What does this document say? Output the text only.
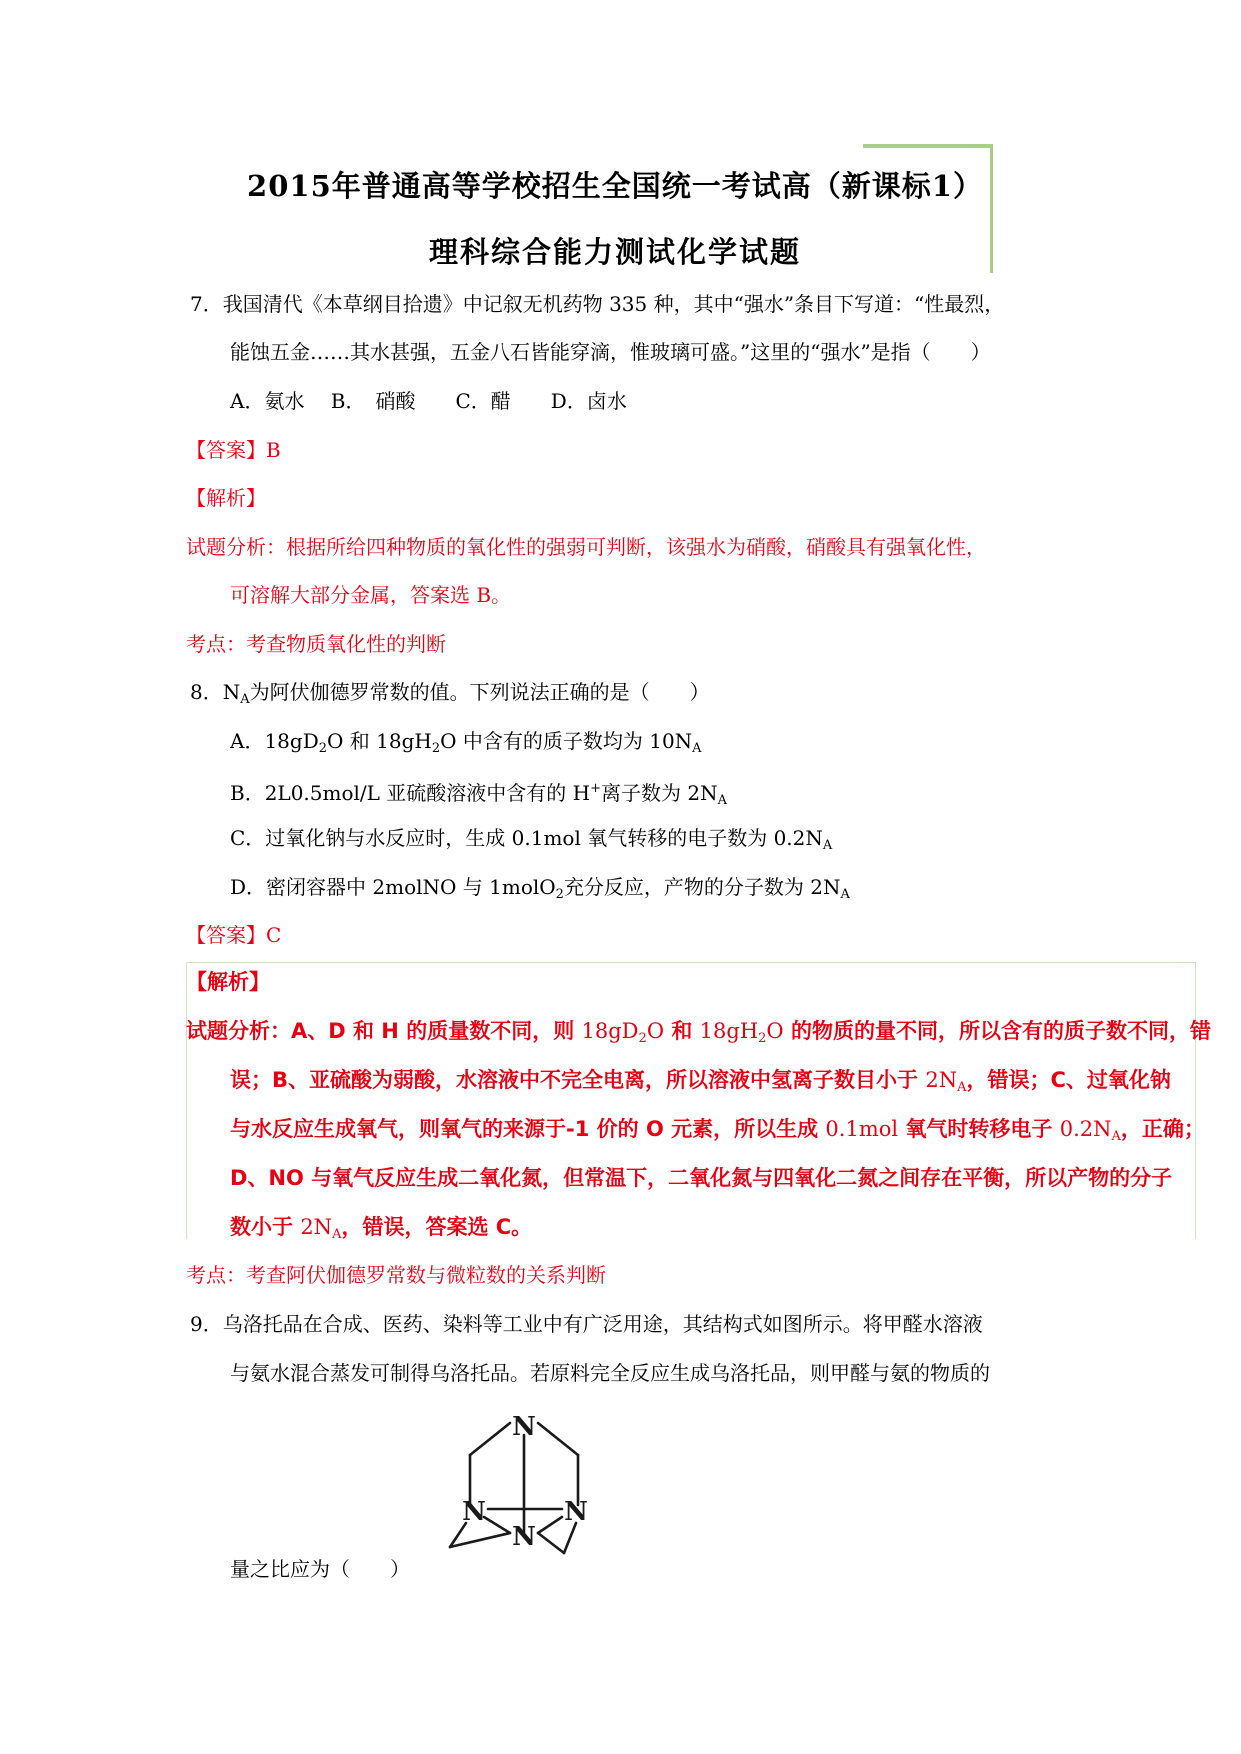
2015年普通高等学校招生全国统一考试高（新课标1）
理科综合能力测试化学试题
7．我国清代《本草纲目拾遗》中记叙无机药物 335 种，其中“强水”条目下写道：“性最烈，
能蚀五金……其水甚强，五金八石皆能穿滴，惟玻璃可盛。”这里的“强水”是指（　　）
A．氨水　 B．　硝酸　　C．醋　　D．卤水
【答案】B
【解析】
试题分析：根据所给四种物质的氧化性的强弱可判断，该强水为硝酸，硝酸具有强氧化性，
可溶解大部分金属，答案选 B。
考点：考查物质氧化性的判断
8．$N_A$为阿伏伽德罗常数的值。下列说法正确的是（　　）
A．$18gD_2O$ 和 $18gH_2O$ 中含有的质子数均为 $10N_A$
B．2L0.5mol/L 亚硫酸溶液中含有的 H+离子数为 $2N_A$
C．过氧化钠与水反应时，生成 0.1mol 氧气转移的电子数为 $0.2N_A$
D．密闭容器中 2molNO 与 1molO$_2$充分反应，产物的分子数为 $2N_A$
【答案】C
【解析】
试题分析：A、D 和 H 的质量数不同，则 $18gD_2O$ 和 $18gH_2O$ 的物质的量不同，所以含有的质子数不同，错
误；B、亚硫酸为弱酸，水溶液中不完全电离，所以溶液中氢离子数目小于 $2N_A$，错误；C、过氧化钠
与水反应生成氧气，则氧气的来源于-1 价的 O 元素，所以生成 0.1mol 氧气时转移电子 $0.2N_A$，正确；
D、NO 与氧气反应生成二氧化氮，但常温下，二氧化氮与四氧化二氮之间存在平衡，所以产物的分子
数小于 $2N_A$，错误，答案选 C。
考点：考查阿伏伽德罗常数与微粒数的关系判断
9．乌洛托品在合成、医药、染料等工业中有广泛用途，其结构式如图所示。将甲醛水溶液
与氨水混合蒸发可制得乌洛托品。若原料完全反应生成乌洛托品，则甲醛与氨的物质的
量之比应为（　　）
N
N	N
N
